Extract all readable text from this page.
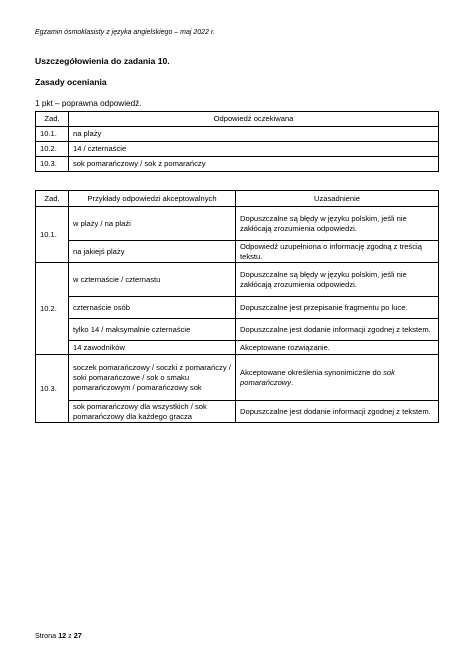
Egzamin ósmoklasisty z języka angielskiego – maj 2022 r.
Uszczegółowienia do zadania 10.
Zasady oceniania
1 pkt – poprawna odpowiedź.
Zad.	Odpowiedź oczekiwana
10.1.	na plaży
10.2.	14 / czternaście
10.3.	sok pomarańczowy / sok z pomarańczy
Zad.	Przykłady odpowiedzi akceptowalnych	Uzasadnienie
10.1.	w plaży / na plaźi	Dopuszczalne są błędy w języku polskim, jeśli nie zakłócają zrozumienia odpowiedzi.
	na jakiejś plaży	Odpowiedź uzupełniona o informację zgodną z treścią tekstu.
10.2.	w czternaście / czternastu	Dopuszczalne są błędy w języku polskim, jeśli nie zakłócają zrozumienia odpowiedzi.
	czternaście osób	Dopuszczalne jest przepisanie fragmentu po luce.
	tylko 14 / maksymalnie czternaście	Dopuszczalne jest dodanie informacji zgodnej z tekstem.
	14 zawodników	Akceptowane rozwiązanie.
10.3.	soczek pomarańczowy / soczki z pomarańczy / soki pomarańczowe / sok o smaku pomarańczowym / pomarańczowy sok	Akceptowane określenia synonimiczne do sok pomarańczowy.
	sok pomarańczowy dla wszystkich / sok pomarańczowy dla każdego gracza	Dopuszczalne jest dodanie informacji zgodnej z tekstem.
Strona 12 z 27
